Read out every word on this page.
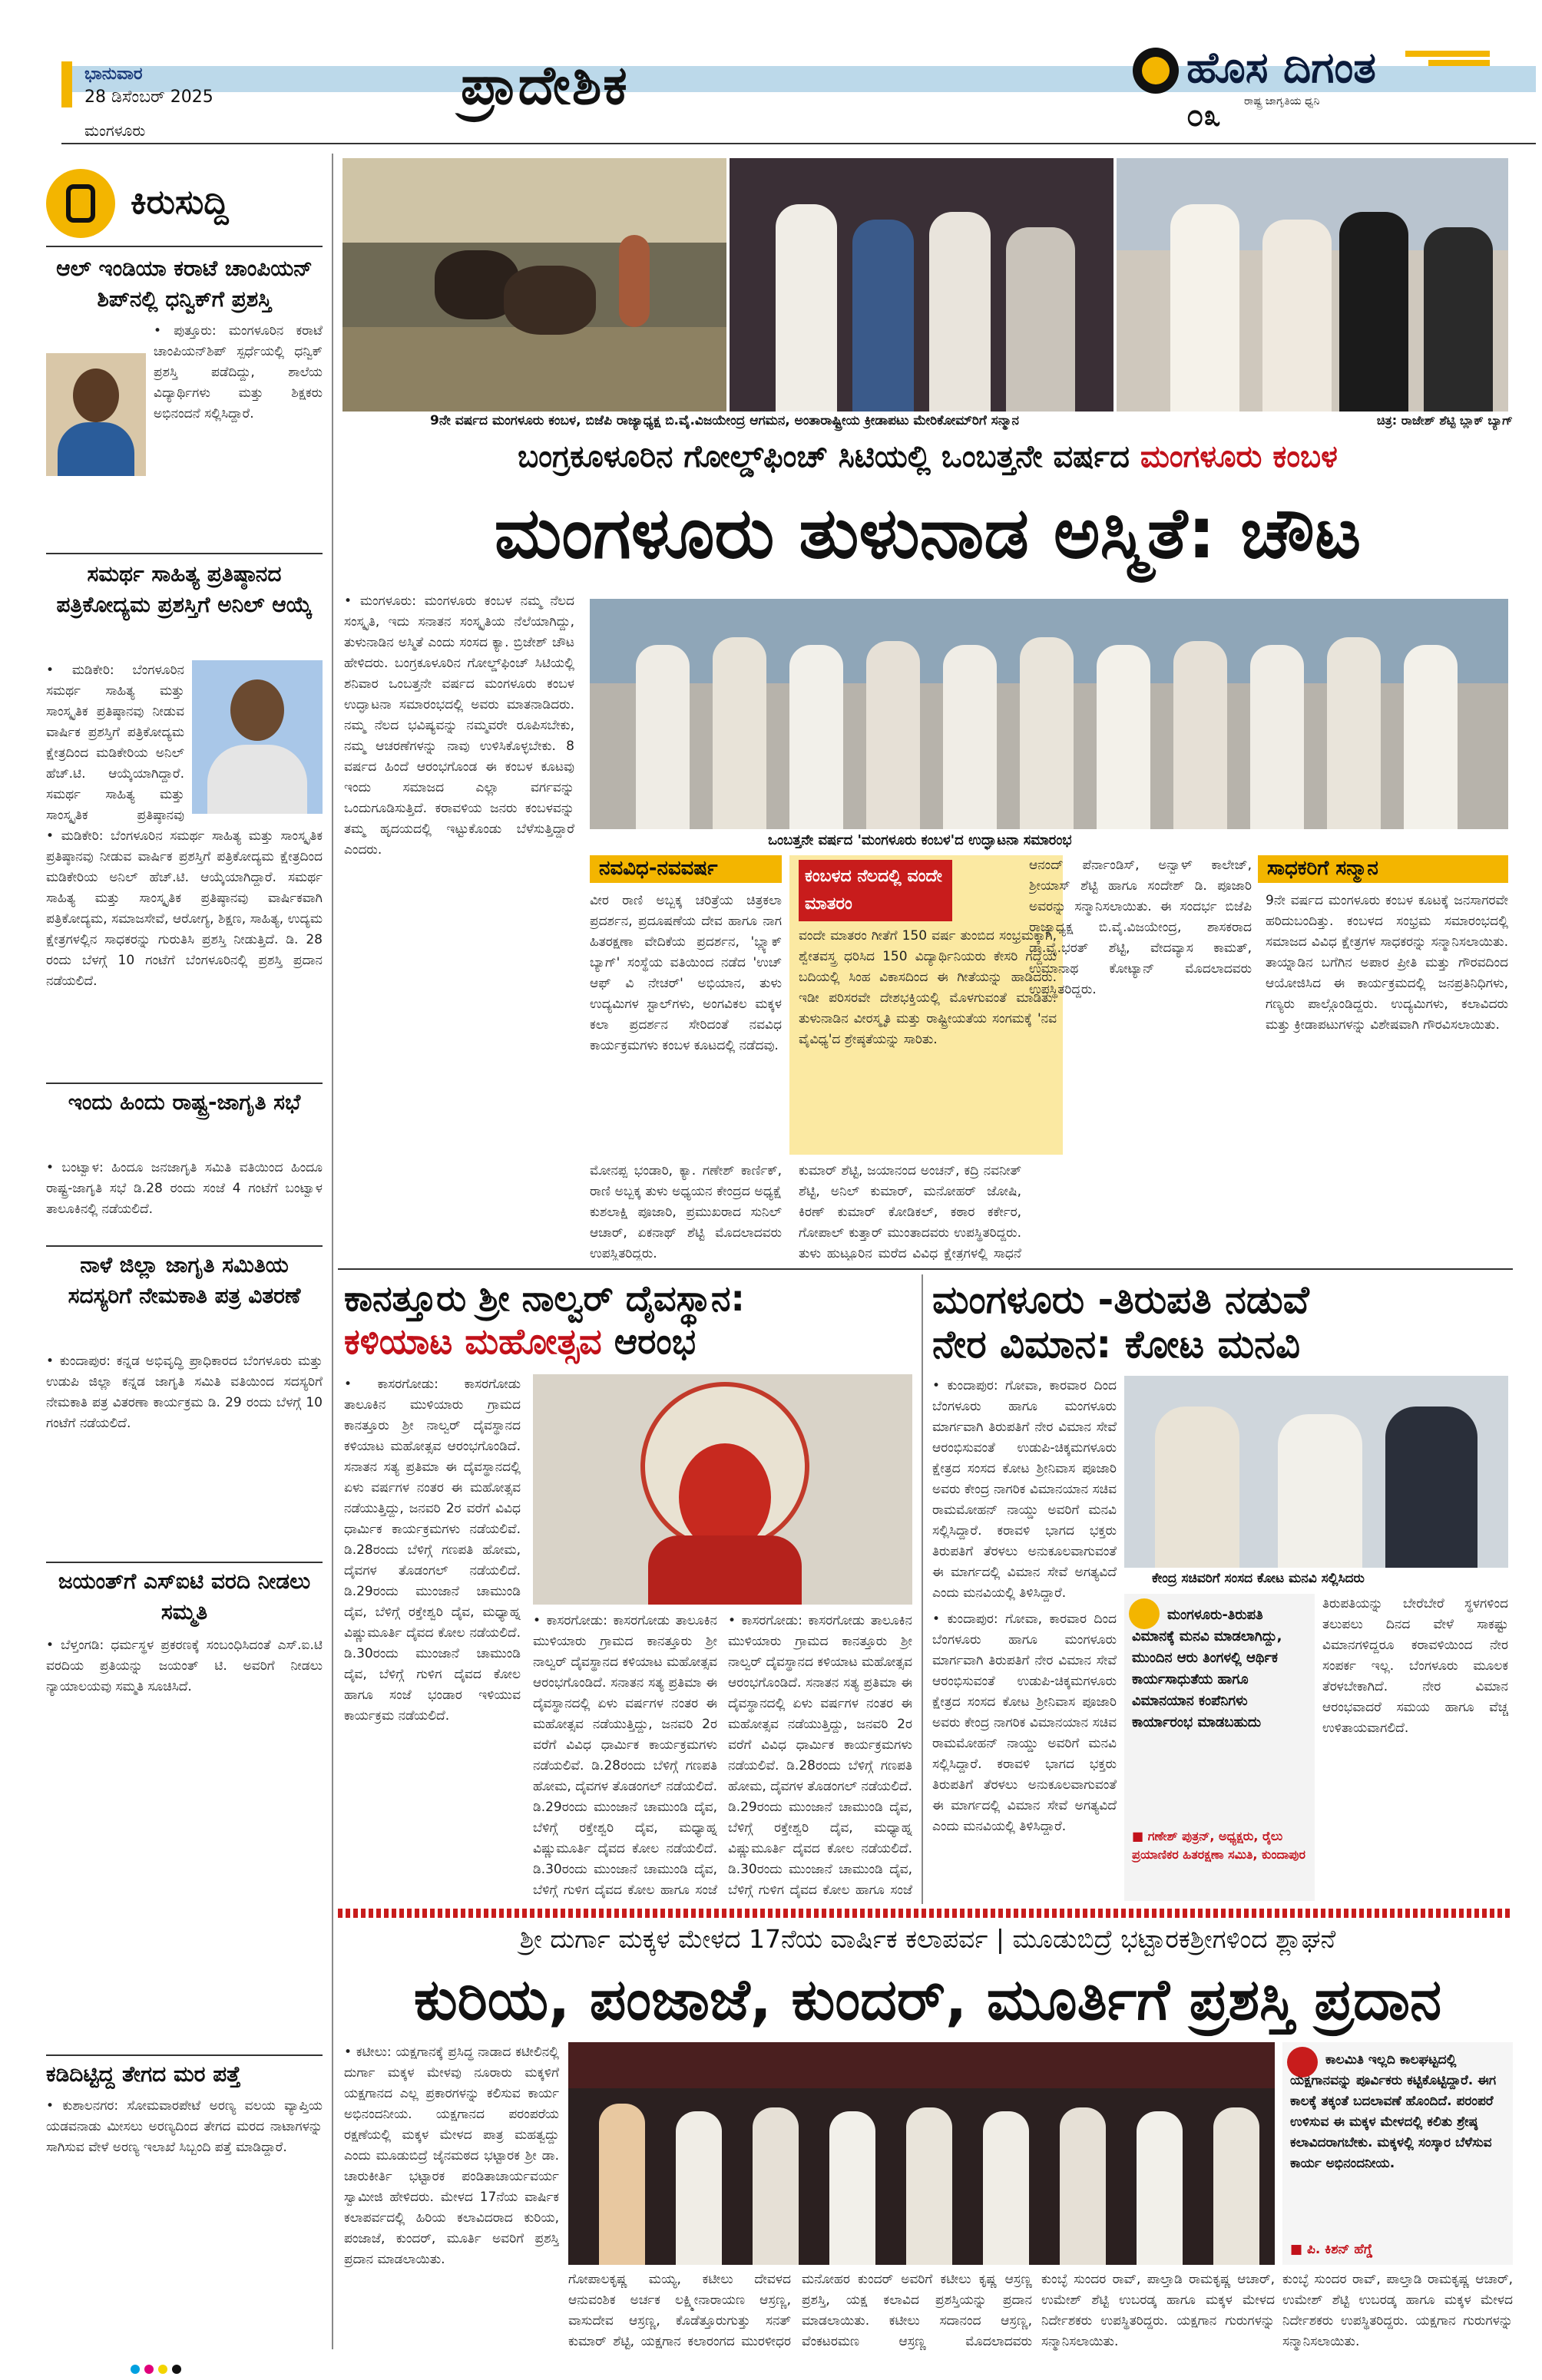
ಭಾನುವಾರ
28 ಡಿಸೆಂಬರ್ 2025
ಮಂಗಳೂರು
ಪ್ರಾದೇಶಿಕ	ಹೊಸ ದಿಗಂತ
ರಾಷ್ಟ್ರ ಜಾಗೃತಿಯ ಧ್ವನಿ
೦೩
ಕಿರುಸುದ್ದಿ
ಆಲ್ ಇಂಡಿಯಾ ಕರಾಟೆ ಚಾಂಪಿಯನ್ ಶಿಪ್‌ನಲ್ಲಿ ಧನ್ವಿಕ್‌ಗೆ ಪ್ರಶಸ್ತಿ
• ಪುತ್ತೂರು: ಮಂಗಳೂರಿನ ಕರಾಟೆ ಚಾಂಪಿಯನ್‌ಶಿಪ್ ಸ್ಪರ್ಧೆಯಲ್ಲಿ ಧನ್ವಿಕ್ ಪ್ರಶಸ್ತಿ ಪಡೆದಿದ್ದು, ಶಾಲೆಯ ವಿದ್ಯಾರ್ಥಿಗಳು ಮತ್ತು ಶಿಕ್ಷಕರು ಅಭಿನಂದನೆ ಸಲ್ಲಿಸಿದ್ದಾರೆ.
ಸಮರ್ಥ ಸಾಹಿತ್ಯ ಪ್ರತಿಷ್ಠಾನದ ಪತ್ರಿಕೋದ್ಯಮ ಪ್ರಶಸ್ತಿಗೆ ಅನಿಲ್ ಆಯ್ಕೆ
• ಮಡಿಕೇರಿ: ಬೆಂಗಳೂರಿನ ಸಮರ್ಥ ಸಾಹಿತ್ಯ ಮತ್ತು ಸಾಂಸ್ಕೃತಿಕ ಪ್ರತಿಷ್ಠಾನವು ನೀಡುವ ವಾರ್ಷಿಕ ಪ್ರಶಸ್ತಿಗೆ ಪತ್ರಿಕೋದ್ಯಮ ಕ್ಷೇತ್ರದಿಂದ ಮಡಿಕೇರಿಯ ಅನಿಲ್ ಹೆಚ್.ಟಿ. ಆಯ್ಕೆಯಾಗಿದ್ದಾರೆ. ಸಮರ್ಥ ಸಾಹಿತ್ಯ ಮತ್ತು ಸಾಂಸ್ಕೃತಿಕ ಪ್ರತಿಷ್ಠಾನವು
• ಮಡಿಕೇರಿ: ಬೆಂಗಳೂರಿನ ಸಮರ್ಥ ಸಾಹಿತ್ಯ ಮತ್ತು ಸಾಂಸ್ಕೃತಿಕ ಪ್ರತಿಷ್ಠಾನವು ನೀಡುವ ವಾರ್ಷಿಕ ಪ್ರಶಸ್ತಿಗೆ ಪತ್ರಿಕೋದ್ಯಮ ಕ್ಷೇತ್ರದಿಂದ ಮಡಿಕೇರಿಯ ಅನಿಲ್ ಹೆಚ್.ಟಿ. ಆಯ್ಕೆಯಾಗಿದ್ದಾರೆ. ಸಮರ್ಥ ಸಾಹಿತ್ಯ ಮತ್ತು ಸಾಂಸ್ಕೃತಿಕ ಪ್ರತಿಷ್ಠಾನವು ವಾರ್ಷಿಕವಾಗಿ ಪತ್ರಿಕೋದ್ಯಮ, ಸಮಾಜಸೇವೆ, ಆರೋಗ್ಯ, ಶಿಕ್ಷಣ, ಸಾಹಿತ್ಯ, ಉದ್ಯಮ ಕ್ಷೇತ್ರಗಳಲ್ಲಿನ ಸಾಧಕರನ್ನು ಗುರುತಿಸಿ ಪ್ರಶಸ್ತಿ ನೀಡುತ್ತಿದೆ. ಡಿ. 28 ರಂದು ಬೆಳಗ್ಗೆ 10 ಗಂಟೆಗೆ ಬೆಂಗಳೂರಿನಲ್ಲಿ ಪ್ರಶಸ್ತಿ ಪ್ರದಾನ ನಡೆಯಲಿದೆ.
ಇಂದು ಹಿಂದು ರಾಷ್ಟ್ರ-ಜಾಗೃತಿ ಸಭೆ
• ಬಂಟ್ವಾಳ: ಹಿಂದೂ ಜನಜಾಗೃತಿ ಸಮಿತಿ ವತಿಯಿಂದ ಹಿಂದೂ ರಾಷ್ಟ್ರ-ಜಾಗೃತಿ ಸಭೆ ಡಿ.28 ರಂದು ಸಂಜೆ 4 ಗಂಟೆಗೆ ಬಂಟ್ವಾಳ ತಾಲೂಕಿನಲ್ಲಿ ನಡೆಯಲಿದೆ.
ನಾಳೆ ಜಿಲ್ಲಾ ಜಾಗೃತಿ ಸಮಿತಿಯ ಸದಸ್ಯರಿಗೆ ನೇಮಕಾತಿ ಪತ್ರ ವಿತರಣೆ
• ಕುಂದಾಪುರ: ಕನ್ನಡ ಅಭಿವೃದ್ಧಿ ಪ್ರಾಧಿಕಾರದ ಬೆಂಗಳೂರು ಮತ್ತು ಉಡುಪಿ ಜಿಲ್ಲಾ ಕನ್ನಡ ಜಾಗೃತಿ ಸಮಿತಿ ವತಿಯಿಂದ ಸದಸ್ಯರಿಗೆ ನೇಮಕಾತಿ ಪತ್ರ ವಿತರಣಾ ಕಾರ್ಯಕ್ರಮ ಡಿ. 29 ರಂದು ಬೆಳಗ್ಗೆ 10 ಗಂಟೆಗೆ ನಡೆಯಲಿದೆ.
ಜಯಂತ್‌ಗೆ ಎಸ್‌ಐಟಿ ವರದಿ ನೀಡಲು ಸಮ್ಮತಿ
• ಬೆಳ್ತಂಗಡಿ: ಧರ್ಮಸ್ಥಳ ಪ್ರಕರಣಕ್ಕೆ ಸಂಬಂಧಿಸಿದಂತೆ ಎಸ್.ಐ.ಟಿ ವರದಿಯ ಪ್ರತಿಯನ್ನು ಜಯಂತ್ ಟಿ. ಅವರಿಗೆ ನೀಡಲು ನ್ಯಾಯಾಲಯವು ಸಮ್ಮತಿ ಸೂಚಿಸಿದೆ.
ಕಡಿದಿಟ್ಟಿದ್ದ ತೇಗದ ಮರ ಪತ್ತೆ
• ಕುಶಾಲನಗರ: ಸೋಮವಾರಪೇಟೆ ಅರಣ್ಯ ವಲಯ ವ್ಯಾಪ್ತಿಯ ಯಡವನಾಡು ಮೀಸಲು ಅರಣ್ಯದಿಂದ ತೇಗದ ಮರದ ನಾಟಾಗಳನ್ನು ಸಾಗಿಸುವ ವೇಳೆ ಅರಣ್ಯ ಇಲಾಖೆ ಸಿಬ್ಬಂದಿ ಪತ್ತೆ ಮಾಡಿದ್ದಾರೆ.
9ನೇ ವರ್ಷದ ಮಂಗಳೂರು ಕಂಬಳ, ಬಿಜೆಪಿ ರಾಜ್ಯಾಧ್ಯಕ್ಷ ಬಿ.ವೈ.ವಿಜಯೇಂದ್ರ ಆಗಮನ, ಅಂತಾರಾಷ್ಟ್ರೀಯ ಕ್ರೀಡಾಪಟು ಮೇರಿಕೋಮ್‌ರಿಗೆ ಸನ್ಮಾನ	ಚಿತ್ರ: ರಾಜೇಶ್ ಶೆಟ್ಟಿ ಬ್ಲಾಕ್ ಬ್ಯಾಗ್
ಬಂಗ್ರಕೂಳೂರಿನ ಗೋಲ್ಡ್‌ಫಿಂಚ್ ಸಿಟಿಯಲ್ಲಿ ಒಂಬತ್ತನೇ ವರ್ಷದ ಮಂಗಳೂರು ಕಂಬಳ
ಮಂಗಳೂರು ತುಳುನಾಡ ಅಸ್ಮಿತೆ: ಚೌಟ
• ಮಂಗಳೂರು: ಮಂಗಳೂರು ಕಂಬಳ ನಮ್ಮ ನೆಲದ ಸಂಸ್ಕೃತಿ, ಇದು ಸನಾತನ ಸಂಸ್ಕೃತಿಯ ನೆಲೆಯಾಗಿದ್ದು, ತುಳುನಾಡಿನ ಅಸ್ಮಿತೆ ಎಂದು ಸಂಸದ ಕ್ಯಾ. ಬ್ರಿಜೇಶ್ ಚೌಟ ಹೇಳಿದರು. ಬಂಗ್ರಕೂಳೂರಿನ ಗೋಲ್ಡ್‌ಫಿಂಚ್ ಸಿಟಿಯಲ್ಲಿ ಶನಿವಾರ ಒಂಬತ್ತನೇ ವರ್ಷದ ಮಂಗಳೂರು ಕಂಬಳ ಉದ್ಘಾಟನಾ ಸಮಾರಂಭದಲ್ಲಿ ಅವರು ಮಾತನಾಡಿದರು. ನಮ್ಮ ನೆಲದ ಭವಿಷ್ಯವನ್ನು ನಮ್ಮವರೇ ರೂಪಿಸಬೇಕು, ನಮ್ಮ ಆಚರಣೆಗಳನ್ನು ನಾವು ಉಳಿಸಿಕೊಳ್ಳಬೇಕು. 8 ವರ್ಷದ ಹಿಂದೆ ಆರಂಭಗೊಂಡ ಈ ಕಂಬಳ ಕೂಟವು ಇಂದು ಸಮಾಜದ ಎಲ್ಲಾ ವರ್ಗವನ್ನು ಒಂದುಗೂಡಿಸುತ್ತಿದೆ. ಕರಾವಳಿಯ ಜನರು ಕಂಬಳವನ್ನು ತಮ್ಮ ಹೃದಯದಲ್ಲಿ ಇಟ್ಟುಕೊಂಡು ಬೆಳೆಸುತ್ತಿದ್ದಾರೆ ಎಂದರು.
ಒಂಬತ್ತನೇ ವರ್ಷದ 'ಮಂಗಳೂರು ಕಂಬಳ'ದ ಉದ್ಘಾಟನಾ ಸಮಾರಂಭ
ನವವಿಧ-ನವವರ್ಷ
ವೀರ ರಾಣಿ ಅಬ್ಬಕ್ಕ ಚರಿತ್ರೆಯ ಚಿತ್ರಕಲಾ ಪ್ರದರ್ಶನ, ಪ್ರದೂಷಣೆಯ ದೇವ ಹಾಗೂ ನಾಗ ಹಿತರಕ್ಷಣಾ ವೇದಿಕೆಯ ಪ್ರದರ್ಶನ, 'ಬ್ಲ್ಯಾಕ್ ಬ್ಯಾಗ್' ಸಂಸ್ಥೆಯ ವತಿಯಿಂದ ನಡೆದ 'ಉಚ್ ಆಫ್ ವಿ ನೇಚರ್' ಅಭಿಯಾನ, ತುಳು ಉದ್ಯಮಿಗಳ ಸ್ಟಾಲ್‌ಗಳು, ಅಂಗವಿಕಲ ಮಕ್ಕಳ ಕಲಾ ಪ್ರದರ್ಶನ ಸೇರಿದಂತೆ ನವವಿಧ ಕಾರ್ಯಕ್ರಮಗಳು ಕಂಬಳ ಕೂಟದಲ್ಲಿ ನಡೆದವು.
ಕಂಬಳದ ನೆಲದಲ್ಲಿ ವಂದೇ ಮಾತರಂ
ವಂದೇ ಮಾತರಂ ಗೀತೆಗೆ 150 ವರ್ಷ ತುಂಬಿದ ಸಂಭ್ರಮಕ್ಕಾಗಿ, ಶ್ವೇತವಸ್ತ್ರ ಧರಿಸಿದ 150 ವಿದ್ಯಾರ್ಥಿನಿಯರು ಕೇಸರಿ ಗದ್ದೆಯ ಬದಿಯಲ್ಲಿ ಸಿಂಹ ವಿಕಾಸದಿಂದ ಈ ಗೀತೆಯನ್ನು ಹಾಡಿದರು. ಇಡೀ ಪರಿಸರವೇ ದೇಶಭಕ್ತಿಯಲ್ಲಿ ಮೊಳಗುವಂತೆ ಮಾಡಿತು. ತುಳುನಾಡಿನ ವೀರಸ್ಮೃತಿ ಮತ್ತು ರಾಷ್ಟ್ರೀಯತೆಯ ಸಂಗಮಕ್ಕೆ 'ನವ ವೈವಿಧ್ಯ'ದ ಶ್ರೇಷ್ಠತೆಯನ್ನು ಸಾರಿತು.
ಸಾಧಕರಿಗೆ ಸನ್ಮಾನ
9ನೇ ವರ್ಷದ ಮಂಗಳೂರು ಕಂಬಳ ಕೂಟಕ್ಕೆ ಜನಸಾಗರವೇ ಹರಿದುಬಂದಿತ್ತು. ಕಂಬಳದ ಸಂಭ್ರಮ ಸಮಾರಂಭದಲ್ಲಿ ಸಮಾಜದ ವಿವಿಧ ಕ್ಷೇತ್ರಗಳ ಸಾಧಕರನ್ನು ಸನ್ಮಾನಿಸಲಾಯಿತು. ತಾಯ್ನಾಡಿನ ಬಗೆಗಿನ ಅಪಾರ ಪ್ರೀತಿ ಮತ್ತು ಗೌರವದಿಂದ ಆಯೋಜಿಸಿದ ಈ ಕಾರ್ಯಕ್ರಮದಲ್ಲಿ ಜನಪ್ರತಿನಿಧಿಗಳು, ಗಣ್ಯರು ಪಾಲ್ಗೊಂಡಿದ್ದರು. ಉದ್ಯಮಿಗಳು, ಕಲಾವಿದರು ಮತ್ತು ಕ್ರೀಡಾಪಟುಗಳನ್ನು ವಿಶೇಷವಾಗಿ ಗೌರವಿಸಲಾಯಿತು.
ಮೋನಪ್ಪ ಭಂಡಾರಿ, ಕ್ಯಾ. ಗಣೇಶ್ ಕಾರ್ಣಿಕ್, ರಾಣಿ ಅಬ್ಬಕ್ಕ ತುಳು ಅಧ್ಯಯನ ಕೇಂದ್ರದ ಅಧ್ಯಕ್ಷೆ ಕುಶಲಾಕ್ಷಿ ಪೂಜಾರಿ, ಪ್ರಮುಖರಾದ ಸುನಿಲ್ ಆಚಾರ್, ಏಕನಾಥ್ ಶೆಟ್ಟಿ ಮೊದಲಾದವರು ಉಪಸ್ಥಿತರಿದ್ದರು.
ಕುಮಾರ್ ಶೆಟ್ಟಿ, ಜಯಾನಂದ ಅಂಚನ್, ಕದ್ರಿ ನವನೀತ್ ಶೆಟ್ಟಿ, ಅನಿಲ್ ಕುಮಾರ್, ಮನೋಹರ್ ಜೋಷಿ, ಕಿರಣ್ ಕುಮಾರ್ ಕೋಡಿಕಲ್, ಕಠಾರ ಕರ್ಕೇರ, ಗೋಪಾಲ್ ಕುತ್ತಾರ್ ಮುಂತಾದವರು ಉಪಸ್ಥಿತರಿದ್ದರು. ತುಳು ಹುಟ್ಟೂರಿನ ಮರೆದ ವಿವಿಧ ಕ್ಷೇತ್ರಗಳಲ್ಲಿ ಸಾಧನೆ
ಆನಂದ್ ಪೆರ್ನಾಂಡಿಸ್, ಅನ್ವಾಳ್ ಕಾಲೇಜ್, ಶ್ರೀಯಾಸ್ ಶೆಟ್ಟಿ ಹಾಗೂ ಸಂದೇಶ್ ಡಿ. ಪೂಜಾರಿ ಅವರನ್ನು ಸನ್ಮಾನಿಸಲಾಯಿತು. ಈ ಸಂದರ್ಭ ಬಿಜೆಪಿ ರಾಜ್ಯಾಧ್ಯಕ್ಷ ಬಿ.ವೈ.ವಿಜಯೇಂದ್ರ, ಶಾಸಕರಾದ ಡಾ.ವೈ.ಭರತ್ ಶೆಟ್ಟಿ, ವೇದವ್ಯಾಸ ಕಾಮತ್, ಉಮಾನಾಥ ಕೋಟ್ಯಾನ್ ಮೊದಲಾದವರು ಉಪಸ್ಥಿತರಿದ್ದರು.
ಕಾನತ್ತೂರು ಶ್ರೀ ನಾಲ್ವರ್ ದೈವಸ್ಥಾನ:
ಕಳಿಯಾಟ ಮಹೋತ್ಸವ ಆರಂಭ
• ಕಾಸರಗೋಡು: ಕಾಸರಗೋಡು ತಾಲೂಕಿನ ಮುಳಿಯಾರು ಗ್ರಾಮದ ಕಾನತ್ತೂರು ಶ್ರೀ ನಾಲ್ವರ್ ದೈವಸ್ಥಾನದ ಕಳಿಯಾಟ ಮಹೋತ್ಸವ ಆರಂಭಗೊಂಡಿದೆ. ಸನಾತನ ಸತ್ಯ ಪ್ರತಿಮಾ ಈ ದೈವಸ್ಥಾನದಲ್ಲಿ ಏಳು ವರ್ಷಗಳ ನಂತರ ಈ ಮಹೋತ್ಸವ ನಡೆಯುತ್ತಿದ್ದು, ಜನವರಿ 2ರ ವರೆಗೆ ವಿವಿಧ ಧಾರ್ಮಿಕ ಕಾರ್ಯಕ್ರಮಗಳು ನಡೆಯಲಿವೆ. ಡಿ.28ರಂದು ಬೆಳಿಗ್ಗೆ ಗಣಪತಿ ಹೋಮ, ದೈವಗಳ ತೊಡಂಗಲ್ ನಡೆಯಲಿದೆ. ಡಿ.29ರಂದು ಮುಂಜಾನೆ ಚಾಮುಂಡಿ ದೈವ, ಬೆಳಿಗ್ಗೆ ರಕ್ತೇಶ್ವರಿ ದೈವ, ಮಧ್ಯಾಹ್ನ ವಿಷ್ಣುಮೂರ್ತಿ ದೈವದ ಕೋಲ ನಡೆಯಲಿದೆ. ಡಿ.30ರಂದು ಮುಂಜಾನೆ ಚಾಮುಂಡಿ ದೈವ, ಬೆಳಿಗ್ಗೆ ಗುಳಿಗ ದೈವದ ಕೋಲ ಹಾಗೂ ಸಂಜೆ ಭಂಡಾರ ಇಳಿಯುವ ಕಾರ್ಯಕ್ರಮ ನಡೆಯಲಿದೆ.
• ಕಾಸರಗೋಡು: ಕಾಸರಗೋಡು ತಾಲೂಕಿನ ಮುಳಿಯಾರು ಗ್ರಾಮದ ಕಾನತ್ತೂರು ಶ್ರೀ ನಾಲ್ವರ್ ದೈವಸ್ಥಾನದ ಕಳಿಯಾಟ ಮಹೋತ್ಸವ ಆರಂಭಗೊಂಡಿದೆ. ಸನಾತನ ಸತ್ಯ ಪ್ರತಿಮಾ ಈ ದೈವಸ್ಥಾನದಲ್ಲಿ ಏಳು ವರ್ಷಗಳ ನಂತರ ಈ ಮಹೋತ್ಸವ ನಡೆಯುತ್ತಿದ್ದು, ಜನವರಿ 2ರ ವರೆಗೆ ವಿವಿಧ ಧಾರ್ಮಿಕ ಕಾರ್ಯಕ್ರಮಗಳು ನಡೆಯಲಿವೆ. ಡಿ.28ರಂದು ಬೆಳಿಗ್ಗೆ ಗಣಪತಿ ಹೋಮ, ದೈವಗಳ ತೊಡಂಗಲ್ ನಡೆಯಲಿದೆ. ಡಿ.29ರಂದು ಮುಂಜಾನೆ ಚಾಮುಂಡಿ ದೈವ, ಬೆಳಿಗ್ಗೆ ರಕ್ತೇಶ್ವರಿ ದೈವ, ಮಧ್ಯಾಹ್ನ ವಿಷ್ಣುಮೂರ್ತಿ ದೈವದ ಕೋಲ ನಡೆಯಲಿದೆ. ಡಿ.30ರಂದು ಮುಂಜಾನೆ ಚಾಮುಂಡಿ ದೈವ, ಬೆಳಿಗ್ಗೆ ಗುಳಿಗ ದೈವದ ಕೋಲ ಹಾಗೂ ಸಂಜೆ
• ಕಾಸರಗೋಡು: ಕಾಸರಗೋಡು ತಾಲೂಕಿನ ಮುಳಿಯಾರು ಗ್ರಾಮದ ಕಾನತ್ತೂರು ಶ್ರೀ ನಾಲ್ವರ್ ದೈವಸ್ಥಾನದ ಕಳಿಯಾಟ ಮಹೋತ್ಸವ ಆರಂಭಗೊಂಡಿದೆ. ಸನಾತನ ಸತ್ಯ ಪ್ರತಿಮಾ ಈ ದೈವಸ್ಥಾನದಲ್ಲಿ ಏಳು ವರ್ಷಗಳ ನಂತರ ಈ ಮಹೋತ್ಸವ ನಡೆಯುತ್ತಿದ್ದು, ಜನವರಿ 2ರ ವರೆಗೆ ವಿವಿಧ ಧಾರ್ಮಿಕ ಕಾರ್ಯಕ್ರಮಗಳು ನಡೆಯಲಿವೆ. ಡಿ.28ರಂದು ಬೆಳಿಗ್ಗೆ ಗಣಪತಿ ಹೋಮ, ದೈವಗಳ ತೊಡಂಗಲ್ ನಡೆಯಲಿದೆ. ಡಿ.29ರಂದು ಮುಂಜಾನೆ ಚಾಮುಂಡಿ ದೈವ, ಬೆಳಿಗ್ಗೆ ರಕ್ತೇಶ್ವರಿ ದೈವ, ಮಧ್ಯಾಹ್ನ ವಿಷ್ಣುಮೂರ್ತಿ ದೈವದ ಕೋಲ ನಡೆಯಲಿದೆ. ಡಿ.30ರಂದು ಮುಂಜಾನೆ ಚಾಮುಂಡಿ ದೈವ, ಬೆಳಿಗ್ಗೆ ಗುಳಿಗ ದೈವದ ಕೋಲ ಹಾಗೂ ಸಂಜೆ
ಮಂಗಳೂರು -ತಿರುಪತಿ ನಡುವೆ
ನೇರ ವಿಮಾನ: ಕೋಟ ಮನವಿ
• ಕುಂದಾಪುರ: ಗೋವಾ, ಕಾರವಾರ ದಿಂದ ಬೆಂಗಳೂರು ಹಾಗೂ ಮಂಗಳೂರು ಮಾರ್ಗವಾಗಿ ತಿರುಪತಿಗೆ ನೇರ ವಿಮಾನ ಸೇವೆ ಆರಂಭಿಸುವಂತೆ ಉಡುಪಿ-ಚಿಕ್ಕಮಗಳೂರು ಕ್ಷೇತ್ರದ ಸಂಸದ ಕೋಟ ಶ್ರೀನಿವಾಸ ಪೂಜಾರಿ ಅವರು ಕೇಂದ್ರ ನಾಗರಿಕ ವಿಮಾನಯಾನ ಸಚಿವ ರಾಮಮೋಹನ್ ನಾಯ್ಡು ಅವರಿಗೆ ಮನವಿ ಸಲ್ಲಿಸಿದ್ದಾರೆ. ಕರಾವಳಿ ಭಾಗದ ಭಕ್ತರು ತಿರುಪತಿಗೆ ತೆರಳಲು ಅನುಕೂಲವಾಗುವಂತೆ ಈ ಮಾರ್ಗದಲ್ಲಿ ವಿಮಾನ ಸೇವೆ ಅಗತ್ಯವಿದೆ ಎಂದು ಮನವಿಯಲ್ಲಿ ತಿಳಿಸಿದ್ದಾರೆ.
ಕೇಂದ್ರ ಸಚಿವರಿಗೆ ಸಂಸದ ಕೋಟ ಮನವಿ ಸಲ್ಲಿಸಿದರು
ಮಂಗಳೂರು-ತಿರುಪತಿ ವಿಮಾನಕ್ಕೆ ಮನವಿ ಮಾಡಲಾಗಿದ್ದು, ಮುಂದಿನ ಆರು ತಿಂಗಳಲ್ಲಿ ಆರ್ಥಿಕ ಕಾರ್ಯಸಾಧುತೆಯ ಹಾಗೂ ವಿಮಾನಯಾನ ಕಂಪೆನಿಗಳು ಕಾರ್ಯಾರಂಭ ಮಾಡಬಹುದು
■ ಗಣೇಶ್ ಪುತ್ರನ್, ಅಧ್ಯಕ್ಷರು, ರೈಲು ಪ್ರಯಾಣಿಕರ ಹಿತರಕ್ಷಣಾ ಸಮಿತಿ, ಕುಂದಾಪುರ
• ಕುಂದಾಪುರ: ಗೋವಾ, ಕಾರವಾರ ದಿಂದ ಬೆಂಗಳೂರು ಹಾಗೂ ಮಂಗಳೂರು ಮಾರ್ಗವಾಗಿ ತಿರುಪತಿಗೆ ನೇರ ವಿಮಾನ ಸೇವೆ ಆರಂಭಿಸುವಂತೆ ಉಡುಪಿ-ಚಿಕ್ಕಮಗಳೂರು ಕ್ಷೇತ್ರದ ಸಂಸದ ಕೋಟ ಶ್ರೀನಿವಾಸ ಪೂಜಾರಿ ಅವರು ಕೇಂದ್ರ ನಾಗರಿಕ ವಿಮಾನಯಾನ ಸಚಿವ ರಾಮಮೋಹನ್ ನಾಯ್ಡು ಅವರಿಗೆ ಮನವಿ ಸಲ್ಲಿಸಿದ್ದಾರೆ. ಕರಾವಳಿ ಭಾಗದ ಭಕ್ತರು ತಿರುಪತಿಗೆ ತೆರಳಲು ಅನುಕೂಲವಾಗುವಂತೆ ಈ ಮಾರ್ಗದಲ್ಲಿ ವಿಮಾನ ಸೇವೆ ಅಗತ್ಯವಿದೆ ಎಂದು ಮನವಿಯಲ್ಲಿ ತಿಳಿಸಿದ್ದಾರೆ.
ತಿರುಪತಿಯನ್ನು ಬೇರೆಬೇರೆ ಸ್ಥಳಗಳಿಂದ ತಲುಪಲು ದಿನದ ವೇಳೆ ಸಾಕಷ್ಟು ವಿಮಾನಗಳಿದ್ದರೂ ಕರಾವಳಿಯಿಂದ ನೇರ ಸಂಪರ್ಕ ಇಲ್ಲ. ಬೆಂಗಳೂರು ಮೂಲಕ ತೆರಳಬೇಕಾಗಿದೆ. ನೇರ ವಿಮಾನ ಆರಂಭವಾದರೆ ಸಮಯ ಹಾಗೂ ವೆಚ್ಚ ಉಳಿತಾಯವಾಗಲಿದೆ.
ಶ್ರೀ ದುರ್ಗಾ ಮಕ್ಕಳ ಮೇಳದ 17ನೆಯ ವಾರ್ಷಿಕ ಕಲಾಪರ್ವ | ಮೂಡುಬಿದ್ರೆ ಭಟ್ಟಾರಕಶ್ರೀಗಳಿಂದ ಶ್ಲಾಘನೆ
ಕುರಿಯ, ಪಂಜಾಜೆ, ಕುಂದರ್, ಮೂರ್ತಿಗೆ ಪ್ರಶಸ್ತಿ ಪ್ರದಾನ
• ಕಟೀಲು: ಯಕ್ಷಗಾನಕ್ಕೆ ಪ್ರಸಿದ್ಧ ನಾಡಾದ ಕಟೀಲಿನಲ್ಲಿ ದುರ್ಗಾ ಮಕ್ಕಳ ಮೇಳವು ನೂರಾರು ಮಕ್ಕಳಿಗೆ ಯಕ್ಷಗಾನದ ಎಲ್ಲ ಪ್ರಕಾರಗಳನ್ನು ಕಲಿಸುವ ಕಾರ್ಯ ಅಭಿನಂದನೀಯ. ಯಕ್ಷಗಾನದ ಪರಂಪರೆಯ ರಕ್ಷಣೆಯಲ್ಲಿ ಮಕ್ಕಳ ಮೇಳದ ಪಾತ್ರ ಮಹತ್ವದ್ದು ಎಂದು ಮೂಡುಬಿದ್ರೆ ಜೈನಮಠದ ಭಟ್ಟಾರಕ ಶ್ರೀ ಡಾ. ಚಾರುಕೀರ್ತಿ ಭಟ್ಟಾರಕ ಪಂಡಿತಾಚಾರ್ಯವರ್ಯ ಸ್ವಾಮೀಜಿ ಹೇಳಿದರು. ಮೇಳದ 17ನೆಯ ವಾರ್ಷಿಕ ಕಲಾಪರ್ವದಲ್ಲಿ ಹಿರಿಯ ಕಲಾವಿದರಾದ ಕುರಿಯ, ಪಂಜಾಜೆ, ಕುಂದರ್, ಮೂರ್ತಿ ಅವರಿಗೆ ಪ್ರಶಸ್ತಿ ಪ್ರದಾನ ಮಾಡಲಾಯಿತು.
ಗೋಪಾಲಕೃಷ್ಣ ಮಯ್ಯ, ಕಟೀಲು ದೇವಳದ ಆನುವಂಶಿಕ ಅರ್ಚಕ ಲಕ್ಷ್ಮೀನಾರಾಯಣ ಆಸ್ರಣ್ಣ, ವಾಸುದೇವ ಆಸ್ರಣ್ಣ, ಕೊಡೆತ್ತೂರುಗುತ್ತು ಸನತ್ ಕುಮಾರ್ ಶೆಟ್ಟಿ, ಯಕ್ಷಗಾನ ಕಲಾರಂಗದ ಮುರಳೀಧರ
ಮನೋಹರ ಕುಂದರ್ ಅವರಿಗೆ ಕಟೀಲು ಕೃಷ್ಣ ಆಸ್ರಣ್ಣ ಪ್ರಶಸ್ತಿ, ಯಕ್ಷ ಕಲಾವಿದ ಪ್ರಶಸ್ತಿಯನ್ನು ಪ್ರದಾನ ಮಾಡಲಾಯಿತು. ಕಟೀಲು ಸದಾನಂದ ಆಸ್ರಣ್ಣ, ವೆಂಕಟರಮಣ ಆಸ್ರಣ್ಣ ಮೊದಲಾದವರು
ಕುಂಬ್ಳೆ ಸುಂದರ ರಾವ್, ಪಾಲ್ತಾಡಿ ರಾಮಕೃಷ್ಣ ಆಚಾರ್, ಉಮೇಶ್ ಶೆಟ್ಟಿ ಉಬರಡ್ಕ ಹಾಗೂ ಮಕ್ಕಳ ಮೇಳದ ನಿರ್ದೇಶಕರು ಉಪಸ್ಥಿತರಿದ್ದರು. ಯಕ್ಷಗಾನ ಗುರುಗಳನ್ನು ಸನ್ಮಾನಿಸಲಾಯಿತು.
ಕಾಲಮಿತಿ ಇಲ್ಲದಿ ಕಾಲಘಟ್ಟದಲ್ಲಿ ಯಕ್ಷಗಾನವನ್ನು ಪೂರ್ವಿಕರು ಕಟ್ಟಿಕೊಟ್ಟಿದ್ದಾರೆ. ಈಗ ಕಾಲಕ್ಕೆ ತಕ್ಕಂತೆ ಬದಲಾವಣೆ ಹೊಂದಿದೆ. ಪರಂಪರೆ ಉಳಿಸುವ ಈ ಮಕ್ಕಳ ಮೇಳದಲ್ಲಿ ಕಲಿತು ಶ್ರೇಷ್ಠ ಕಲಾವಿದರಾಗಬೇಕು. ಮಕ್ಕಳಲ್ಲಿ ಸಂಸ್ಕಾರ ಬೆಳೆಸುವ ಕಾರ್ಯ ಅಭಿನಂದನೀಯ.
■ ಪಿ. ಕಿಶನ್ ಹೆಗ್ಡೆ
ಕುಂಬ್ಳೆ ಸುಂದರ ರಾವ್, ಪಾಲ್ತಾಡಿ ರಾಮಕೃಷ್ಣ ಆಚಾರ್, ಉಮೇಶ್ ಶೆಟ್ಟಿ ಉಬರಡ್ಕ ಹಾಗೂ ಮಕ್ಕಳ ಮೇಳದ ನಿರ್ದೇಶಕರು ಉಪಸ್ಥಿತರಿದ್ದರು. ಯಕ್ಷಗಾನ ಗುರುಗಳನ್ನು ಸನ್ಮಾನಿಸಲಾಯಿತು.
